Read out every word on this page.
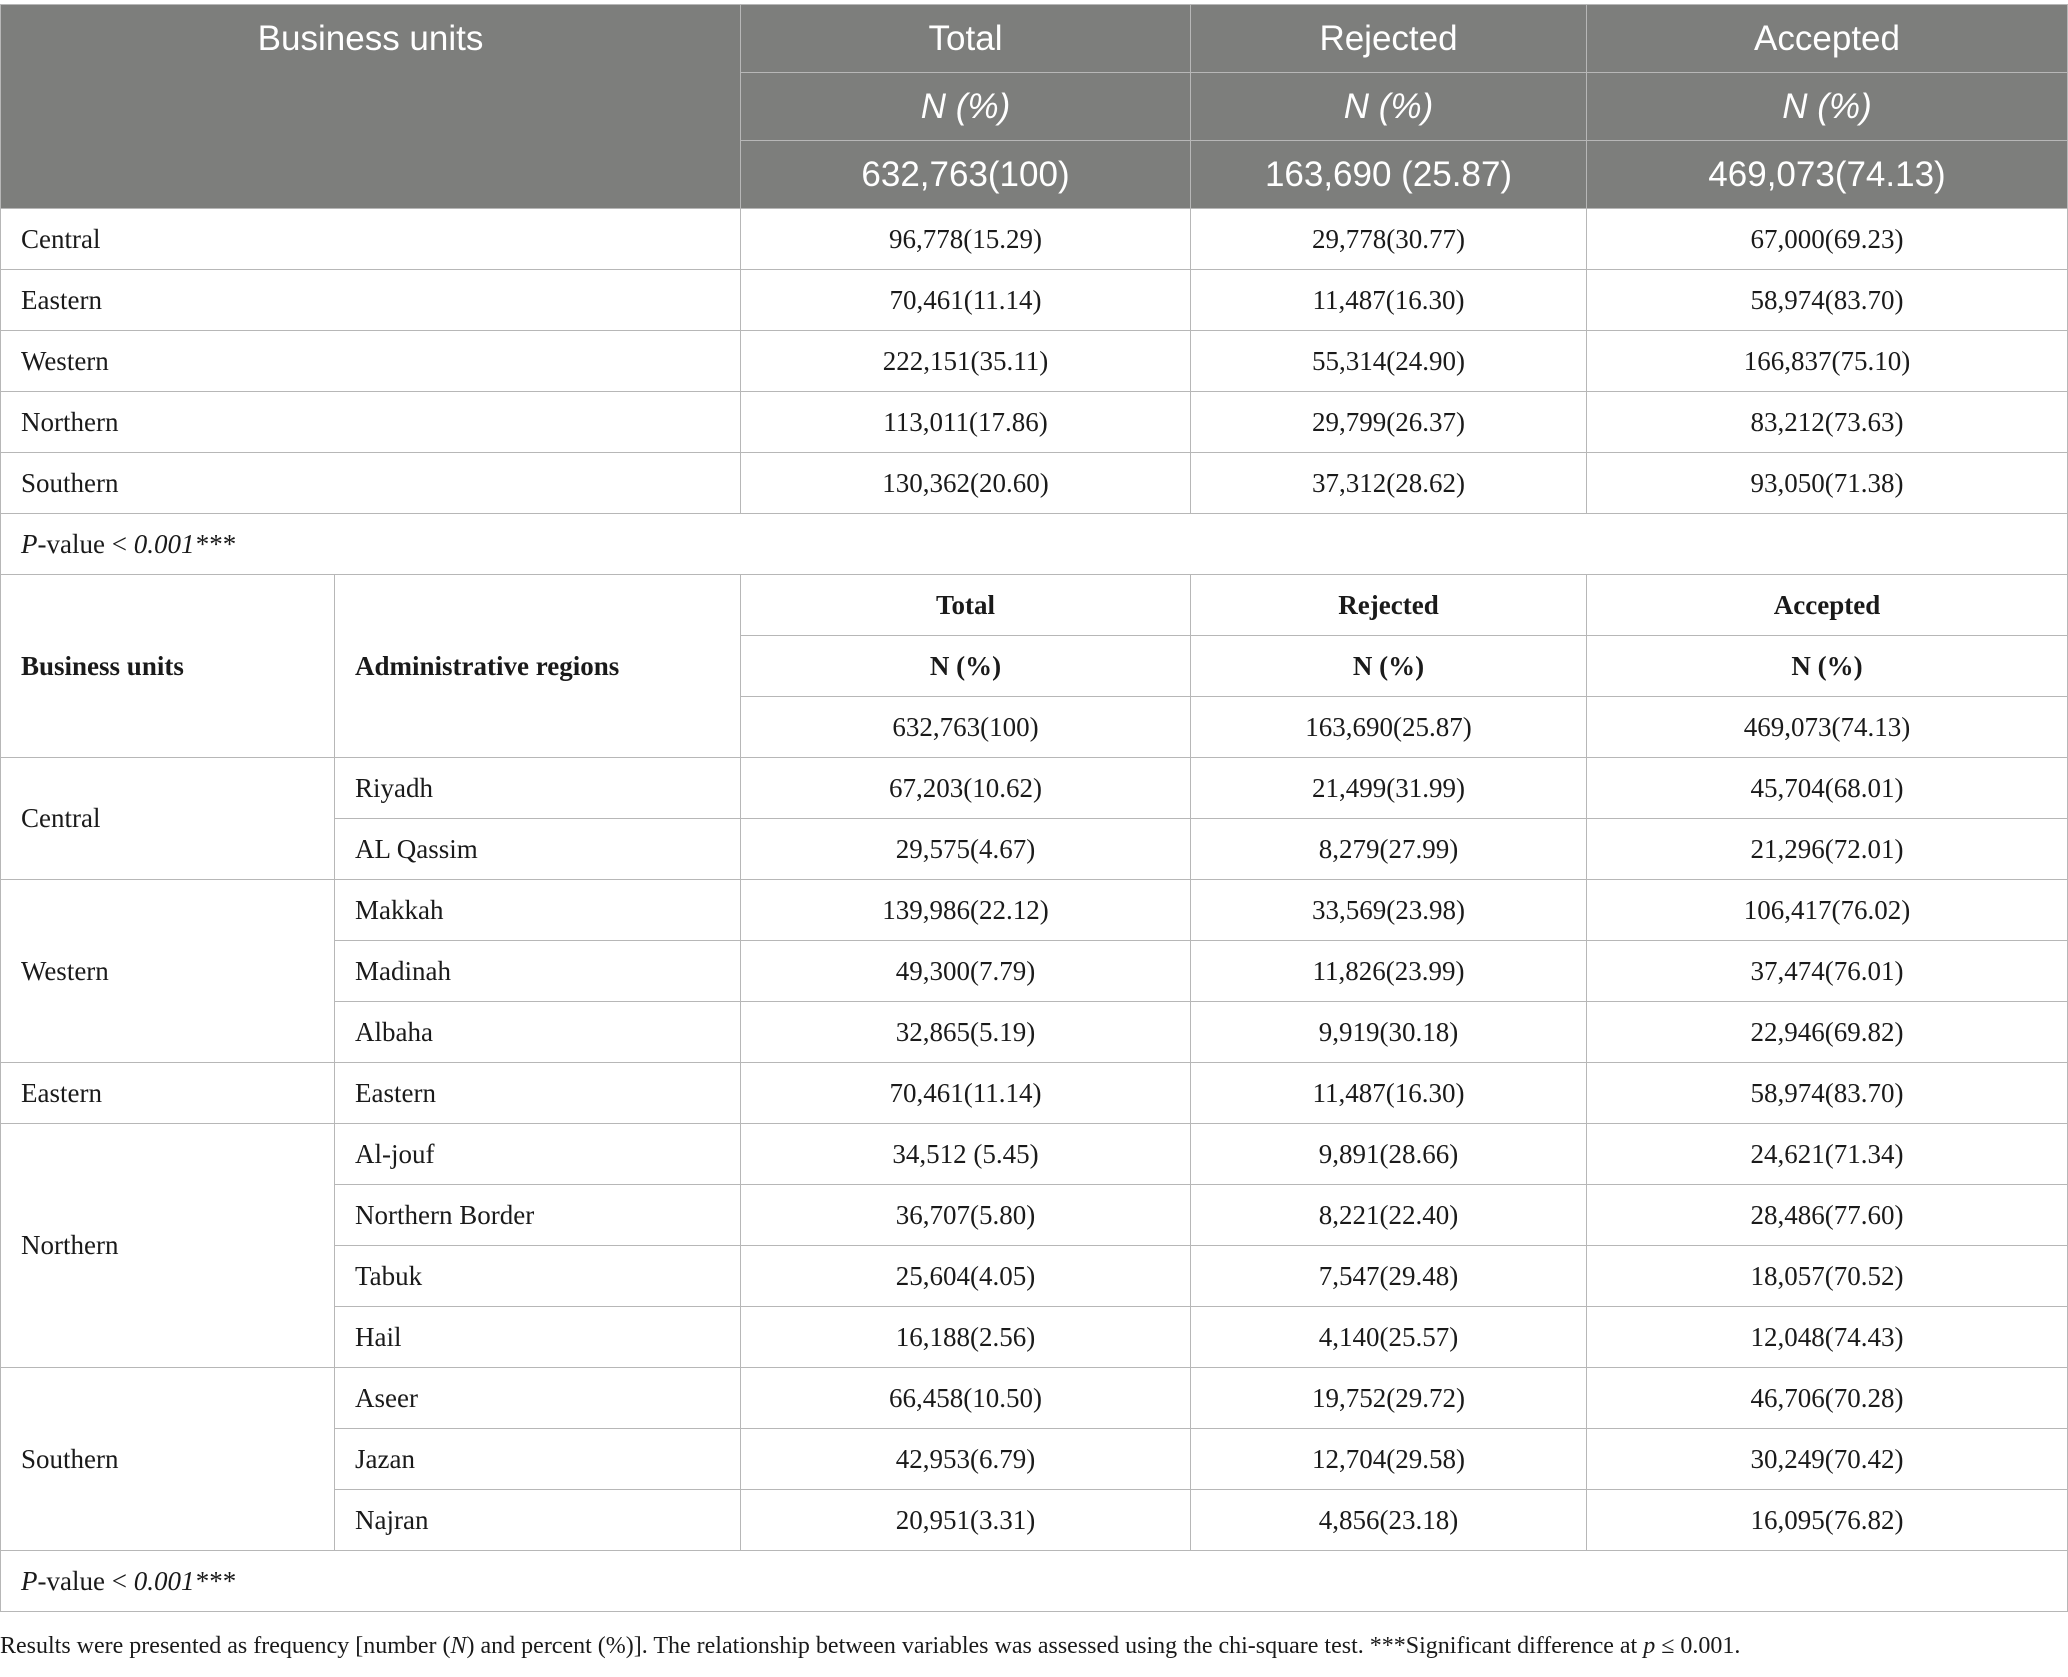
Business units		Total	Rejected	Accepted
		N (%)	N (%)	N (%)
		632,763(100)	163,690 (25.87)	469,073(74.13)
Central		96,778(15.29)	29,778(30.77)	67,000(69.23)
Eastern		70,461(11.14)	11,487(16.30)	58,974(83.70)
Western		222,151(35.11)	55,314(24.90)	166,837(75.10)
Northern		113,011(17.86)	29,799(26.37)	83,212(73.63)
Southern		130,362(20.60)	37,312(28.62)	93,050(71.38)
P-value < 0.001***				
Business units	Administrative regions	Total	Rejected	Accepted
		N (%)	N (%)	N (%)
		632,763(100)	163,690(25.87)	469,073(74.13)
Central	Riyadh	67,203(10.62)	21,499(31.99)	45,704(68.01)
	AL Qassim	29,575(4.67)	8,279(27.99)	21,296(72.01)
Western	Makkah	139,986(22.12)	33,569(23.98)	106,417(76.02)
	Madinah	49,300(7.79)	11,826(23.99)	37,474(76.01)
	Albaha	32,865(5.19)	9,919(30.18)	22,946(69.82)
Eastern	Eastern	70,461(11.14)	11,487(16.30)	58,974(83.70)
Northern	Al-jouf	34,512 (5.45)	9,891(28.66)	24,621(71.34)
	Northern Border	36,707(5.80)	8,221(22.40)	28,486(77.60)
	Tabuk	25,604(4.05)	7,547(29.48)	18,057(70.52)
	Hail	16,188(2.56)	4,140(25.57)	12,048(74.43)
Southern	Aseer	66,458(10.50)	19,752(29.72)	46,706(70.28)
	Jazan	42,953(6.79)	12,704(29.58)	30,249(70.42)
	Najran	20,951(3.31)	4,856(23.18)	16,095(76.82)
P-value < 0.001***				
Results were presented as frequency [number (N) and percent (%)]. The relationship between variables was assessed using the chi-square test. ***Significant difference at p ≤ 0.001.
